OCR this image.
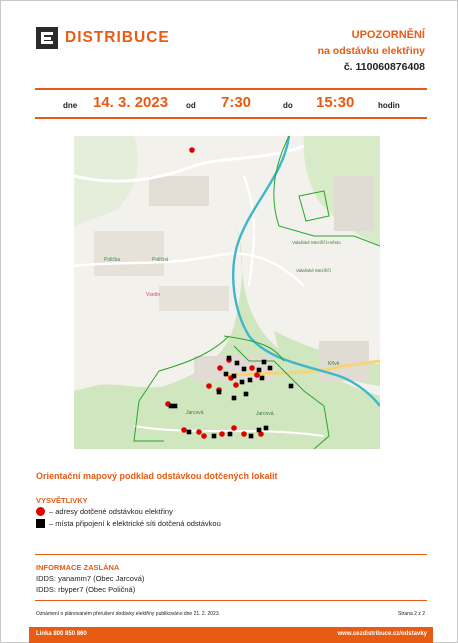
DISTRIBUCE	UPOZORNĚNÍ
na odstávku elektřiny
č. 110060876408
dne 14. 3. 2023 od 7:30	do 15:30	hodin
Polička	Poličná
Vsetín
Valašské Meziříčí-město
Valašské Meziříčí
Křivé
Jarcová	Jarcová
Orientační mapový podklad odstávkou dotčených lokalit
VYSVĚTLIVKY
– adresy dotčené odstávkou elektřiny
– místa připojení k elektrické síti dotčená odstávkou
INFORMACE ZASLÁNA
IDDS: yanamm7 (Obec Jarcová)
IDDS: rbyper7 (Obec Poličná)
Oznámení o plánovaném přerušení dodávky elektřiny publikováno dne 21. 2. 2023.	Strana 2 z 2
Linka 800 850 860	www.cezdistribuce.cz/odstavky
